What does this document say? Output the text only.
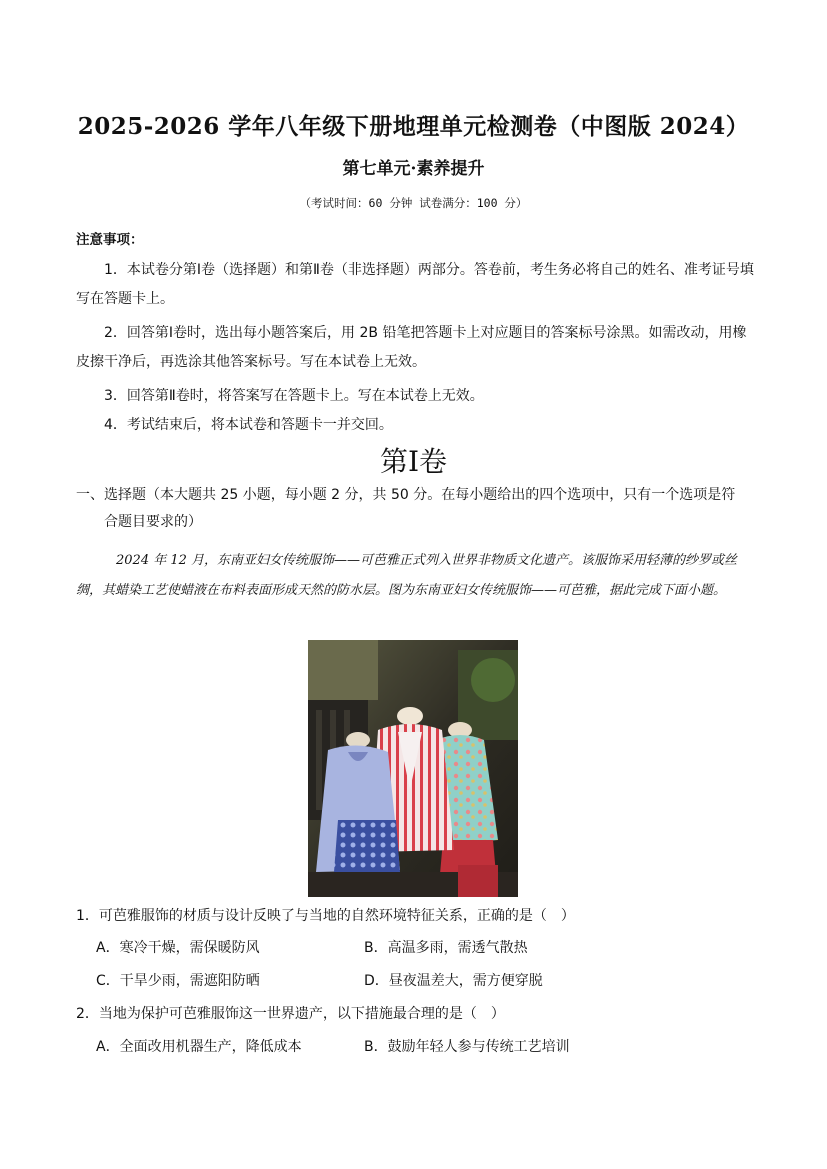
2025-2026 学年八年级下册地理单元检测卷（中图版 2024）
第七单元·素养提升
（考试时间：60 分钟 试卷满分：100 分）
注意事项：
1．本试卷分第Ⅰ卷（选择题）和第Ⅱ卷（非选择题）两部分。答卷前，考生务必将自己的姓名、准考证号填写在答题卡上。
2．回答第Ⅰ卷时，选出每小题答案后，用 2B 铅笔把答题卡上对应题目的答案标号涂黑。如需改动，用橡皮擦干净后，再选涂其他答案标号。写在本试卷上无效。
3．回答第Ⅱ卷时，将答案写在答题卡上。写在本试卷上无效。
4．考试结束后，将本试卷和答题卡一并交回。
第Ⅰ卷
一、选择题（本大题共 25 小题，每小题 2 分，共 50 分。在每小题给出的四个选项中，只有一个选项是符
合题目要求的）
2024 年 12 月，东南亚妇女传统服饰——可芭雅正式列入世界非物质文化遗产。该服饰采用轻薄的纱罗或丝绸，其蜡染工艺使蜡液在布料表面形成天然的防水层。图为东南亚妇女传统服饰——可芭雅，据此完成下面小题。
1．可芭雅服饰的材质与设计反映了与当地的自然环境特征关系，正确的是（　）
A．寒冷干燥，需保暖防风	B．高温多雨，需透气散热
C．干旱少雨，需遮阳防晒	D．昼夜温差大，需方便穿脱
2．当地为保护可芭雅服饰这一世界遗产，以下措施最合理的是（　）
A．全面改用机器生产，降低成本	B．鼓励年轻人参与传统工艺培训
